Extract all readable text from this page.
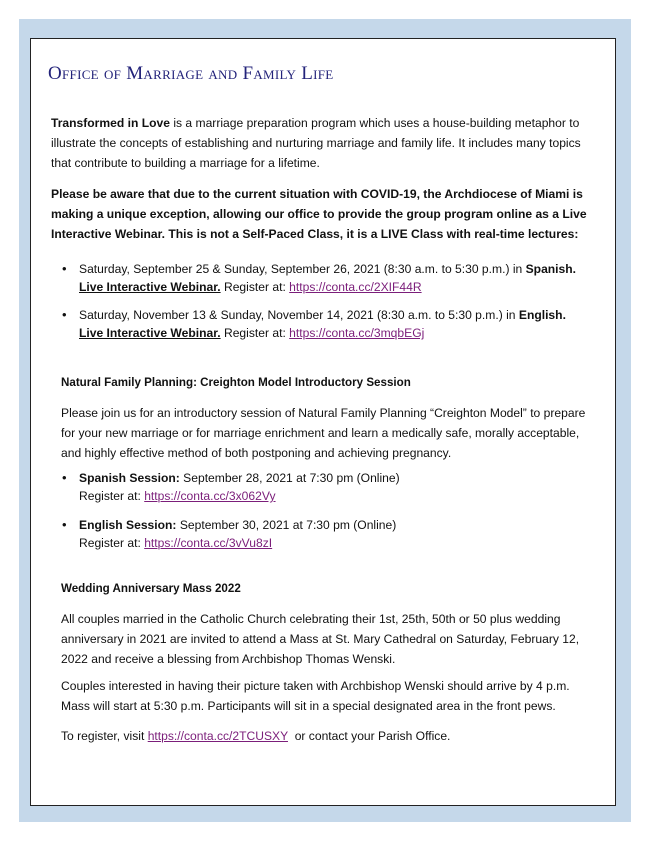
Office of Marriage and Family Life

Transformed in Love is a marriage preparation program which uses a house-building metaphor to illustrate the concepts of establishing and nurturing marriage and family life. It includes many topics that contribute to building a marriage for a lifetime.

Please be aware that due to the current situation with COVID-19, the Archdiocese of Miami is making a unique exception, allowing our office to provide the group program online as a Live Interactive Webinar. This is not a Self-Paced Class, it is a LIVE Class with real-time lectures:

• Saturday, September 25 & Sunday, September 26, 2021 (8:30 a.m. to 5:30 p.m.) in Spanish.
Live Interactive Webinar. Register at: https://conta.cc/2XIF44R
• Saturday, November 13 & Sunday, November 14, 2021 (8:30 a.m. to 5:30 p.m.) in English.
Live Interactive Webinar. Register at: https://conta.cc/3mqbEGj
Natural Family Planning: Creighton Model Introductory Session

Please join us for an introductory session of Natural Family Planning “Creighton Model” to prepare for your new marriage or for marriage enrichment and learn a medically safe, morally acceptable, and highly effective method of both postponing and achieving pregnancy.

• Spanish Session: September 28, 2021 at 7:30 pm (Online)
Register at: https://conta.cc/3x062Vy
• English Session: September 30, 2021 at 7:30 pm (Online)
Register at: https://conta.cc/3vVu8zI
Wedding Anniversary Mass 2022

All couples married in the Catholic Church celebrating their 1st, 25th, 50th or 50 plus wedding anniversary in 2021 are invited to attend a Mass at St. Mary Cathedral on Saturday, February 12, 2022 and receive a blessing from Archbishop Thomas Wenski.

Couples interested in having their picture taken with Archbishop Wenski should arrive by 4 p.m. Mass will start at 5:30 p.m. Participants will sit in a special designated area in the front pews.

To register, visit https://conta.cc/2TCUSXY  or contact your Parish Office.
